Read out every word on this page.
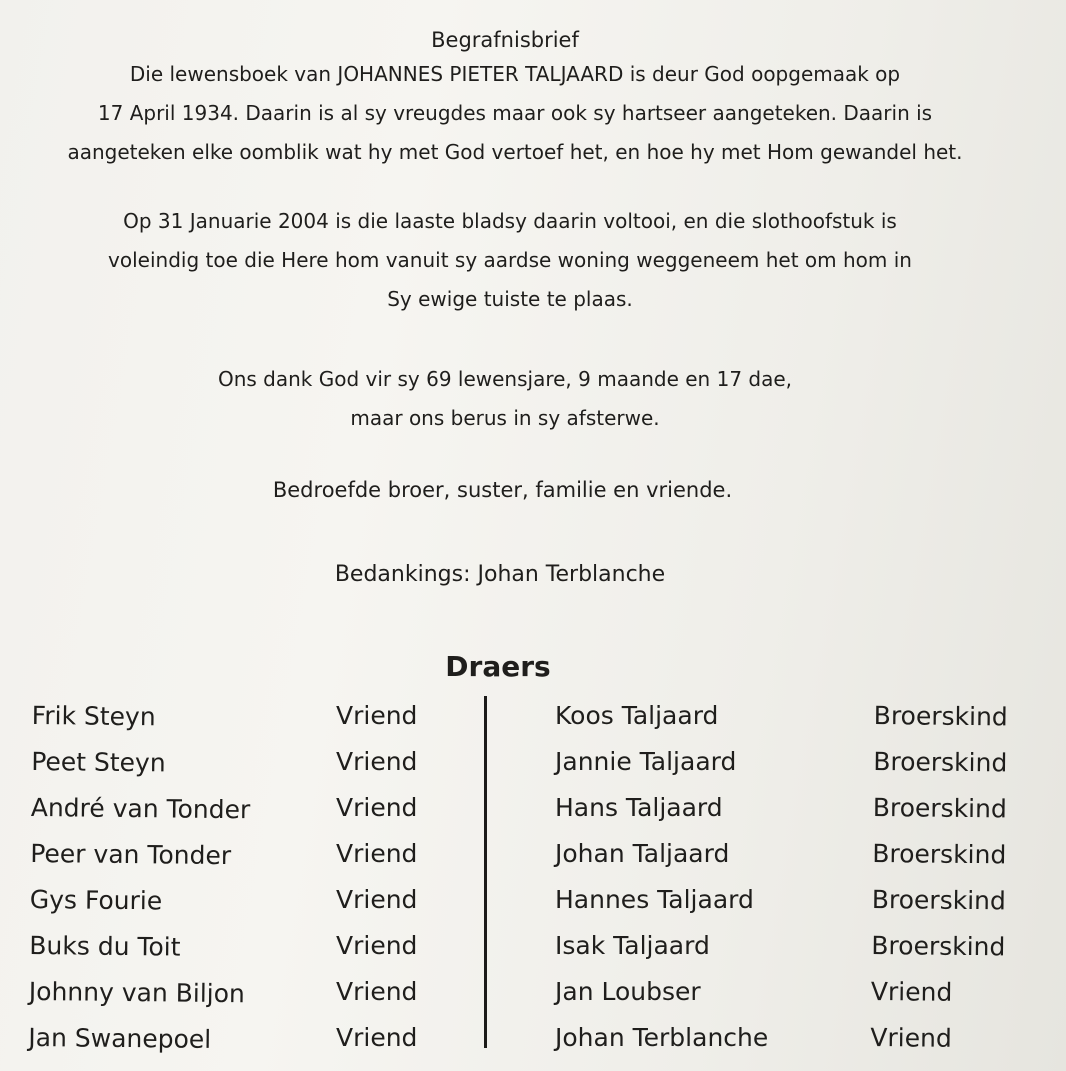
Begrafnisbrief

Die lewensboek van JOHANNES PIETER TALJAARD is deur God oopgemaak op

17 April 1934. Daarin is al sy vreugdes maar ook sy hartseer aangeteken. Daarin is

aangeteken elke oomblik wat hy met God vertoef het, en hoe hy met Hom gewandel het.

Op 31 Januarie 2004 is die laaste bladsy daarin voltooi, en die slothoofstuk is

voleindig toe die Here hom vanuit sy aardse woning weggeneem het om hom in

Sy ewige tuiste te plaas.

Ons dank God vir sy 69 lewensjare, 9 maande en 17 dae,

maar ons berus in sy afsterwe.

Bedroefde broer, suster, familie en vriende.
Bedankings: Johan Terblanche
Draers
Frik Steyn
Peet Steyn
André van Tonder
Peer van Tonder
Gys Fourie
Buks du Toit
Johnny van Biljon
Jan Swanepoel
Vriend
Vriend
Vriend
Vriend
Vriend
Vriend
Vriend
Vriend
Koos Taljaard
Jannie Taljaard
Hans Taljaard
Johan Taljaard
Hannes Taljaard
Isak Taljaard
Jan Loubser
Johan Terblanche
Broerskind
Broerskind
Broerskind
Broerskind
Broerskind
Broerskind
Vriend
Vriend
